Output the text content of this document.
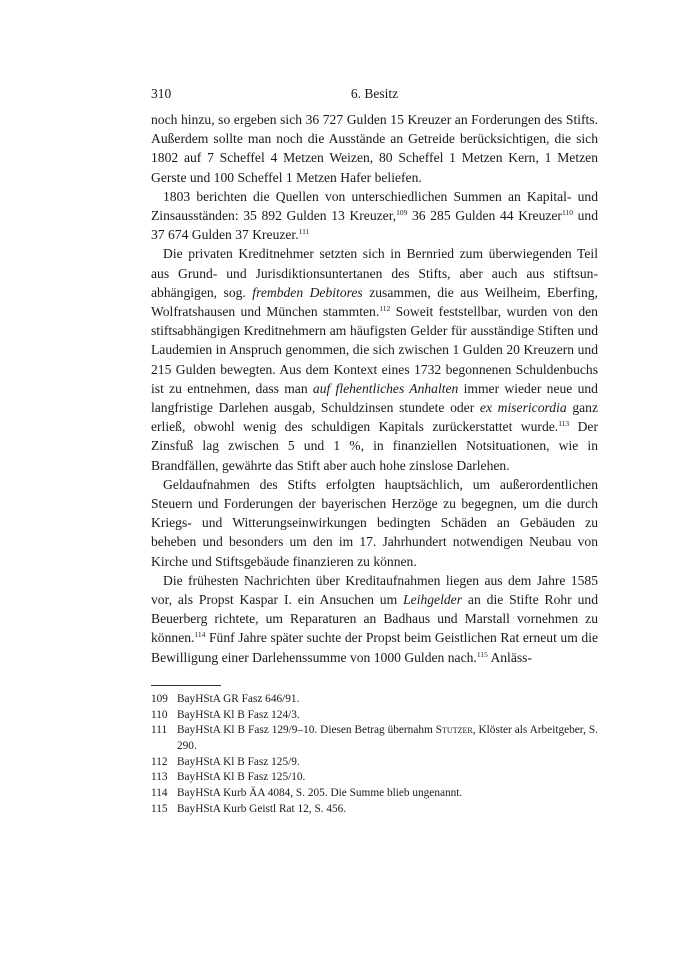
310	6. Besitz

noch hinzu, so ergeben sich 36 727 Gulden 15 Kreuzer an Forderungen des Stifts. Außerdem sollte man noch die Ausstände an Getreide berücksichtigen, die sich 1802 auf 7 Scheffel 4 Metzen Weizen, 80 Scheffel 1 Metzen Kern, 1 Metzen Gerste und 100 Scheffel 1 Metzen Hafer beliefen.

1803 berichten die Quellen von unterschiedlichen Summen an Kapital- und Zinsausständen: 35 892 Gulden 13 Kreuzer,$^{109}$ 36 285 Gulden 44 Kreuzer$^{110}$ und 37 674 Gulden 37 Kreuzer.$^{111}$

Die privaten Kreditnehmer setzten sich in Bernried zum überwiegenden Teil aus Grund- und Jurisdiktionsuntertanen des Stifts, aber auch aus stiftsunabhängigen, sog. frembden Debitores zusammen, die aus Weilheim, Eberfing, Wolfratshausen und München stammten.$^{112}$ Soweit feststellbar, wurden von den stiftsabhängigen Kreditnehmern am häufigsten Gelder für ausständige Stiften und Laudemien in Anspruch genommen, die sich zwischen 1 Gulden 20 Kreuzern und 215 Gulden bewegten. Aus dem Kontext eines 1732 begonnenen Schuldenbuchs ist zu entnehmen, dass man auf flehentliches Anhalten immer wieder neue und langfristige Darlehen ausgab, Schuldzinsen stundete oder ex misericordia ganz erließ, obwohl wenig des schuldigen Kapitals zurückerstattet wurde.$^{113}$ Der Zinsfuß lag zwischen 5 und 1 %, in finanziellen Notsituationen, wie in Brandfällen, gewährte das Stift aber auch hohe zinslose Darlehen.

Geldaufnahmen des Stifts erfolgten hauptsächlich, um außerordentlichen Steuern und Forderungen der bayerischen Herzöge zu begegnen, um die durch Kriegs- und Witterungseinwirkungen bedingten Schäden an Gebäuden zu beheben und besonders um den im 17. Jahrhundert notwendigen Neubau von Kirche und Stiftsgebäude finanzieren zu können.

Die frühesten Nachrichten über Kreditaufnahmen liegen aus dem Jahre 1585 vor, als Propst Kaspar I. ein Ansuchen um Leihgelder an die Stifte Rohr und Beuerberg richtete, um Reparaturen an Badhaus und Marstall vornehmen zu können.$^{114}$ Fünf Jahre später suchte der Propst beim Geistlichen Rat erneut um die Bewilligung einer Darlehenssumme von 1000 Gulden nach.$^{115}$ Anläss-

109 BayHStA GR Fasz 646/91.
110 BayHStA Kl B Fasz 124/3.
111 BayHStA Kl B Fasz 129/9–10. Diesen Betrag übernahm Stutzer, Klöster als Arbeitgeber, S. 290.
112 BayHStA Kl B Fasz 125/9.
113 BayHStA Kl B Fasz 125/10.
114 BayHStA Kurb ÄA 4084, S. 205. Die Summe blieb ungenannt.
115 BayHStA Kurb Geistl Rat 12, S. 456.
